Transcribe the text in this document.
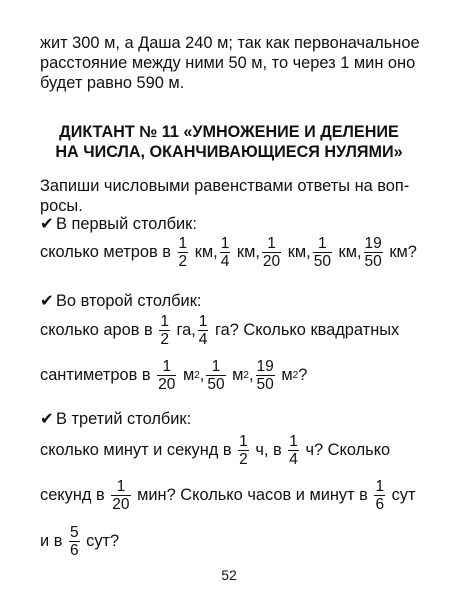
жит 300 м, а Даша 240 м; так как первоначальное
расстояние между ними 50 м, то через 1 мин оно
будет равно 590 м.
ДИКТАНТ № 11 «УМНОЖЕНИЕ И ДЕЛЕНИЕ
НА ЧИСЛА, ОКАНЧИВАЮЩИЕСЯ НУЛЯМИ»
Запиши числовыми равенствами ответы на воп-
росы.
✔ В первый столбик:
сколько метров в $\frac{1}{2}$ км, $\frac{1}{4}$ км, $\frac{1}{20}$ км, $\frac{1}{50}$ км, $\frac{19}{50}$ км?
✔ Во второй столбик:
сколько аров в $\frac{1}{2}$ га, $\frac{1}{4}$ га? Сколько квадратных
сантиметров в $\frac{1}{20}$ м 2 , $\frac{1}{50}$ м 2 , $\frac{19}{50}$ м 2 ?
✔ В третий столбик:
сколько минут и секунд в $\frac{1}{2} ч$, в $\frac{1}{4} ч$? Сколько
секунд в $\frac{1}{20}$ мин? Сколько часов и минут в $\frac{1}{6}$ сут
и в $\frac{5}{6}$ сут?
52
